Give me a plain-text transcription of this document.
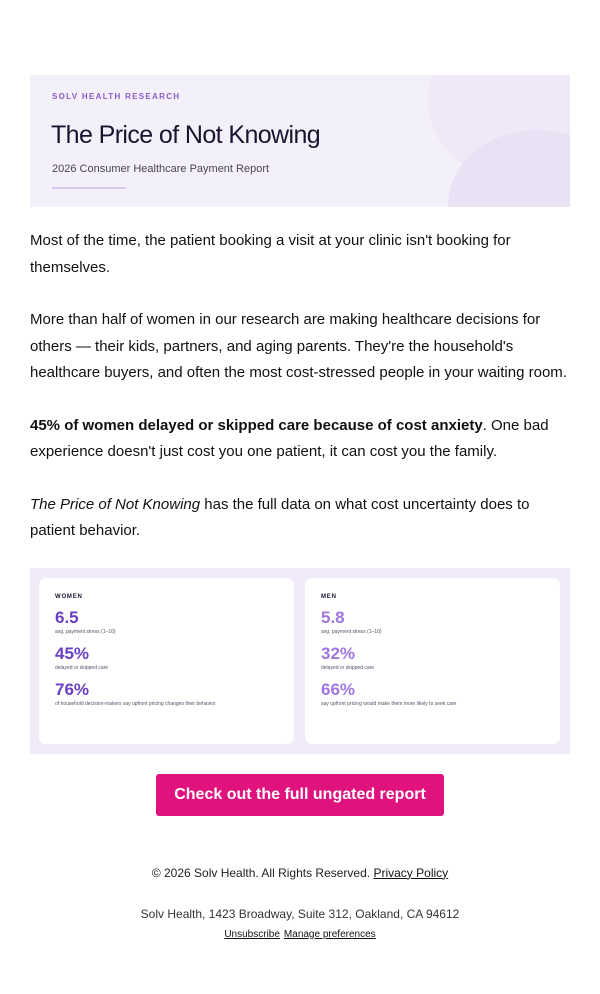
SOLV HEALTH RESEARCH
The Price of Not Knowing
2026 Consumer Healthcare Payment Report

Most of the time, the patient booking a visit at your clinic isn't booking for themselves.

More than half of women in our research are making healthcare decisions for others — their kids, partners, and aging parents. They're the household's healthcare buyers, and often the most cost-stressed people in your waiting room.

45% of women delayed or skipped care because of cost anxiety. One bad experience doesn't just cost you one patient, it can cost you the family.

The Price of Not Knowing has the full data on what cost uncertainty does to patient behavior.

WOMEN
6.5
avg. payment stress (1–10)
45%
delayed or skipped care
76%
of household decision-makers say upfront pricing changes their behavior
MEN
5.8
avg. payment stress (1–10)
32%
delayed or skipped care
66%
say upfront pricing would make them more likely to seek care
Check out the full ungated report
© 2026 Solv Health. All Rights Reserved. Privacy Policy
Solv Health, 1423 Broadway, Suite 312, Oakland, CA 94612
Unsubscribe Manage preferences
